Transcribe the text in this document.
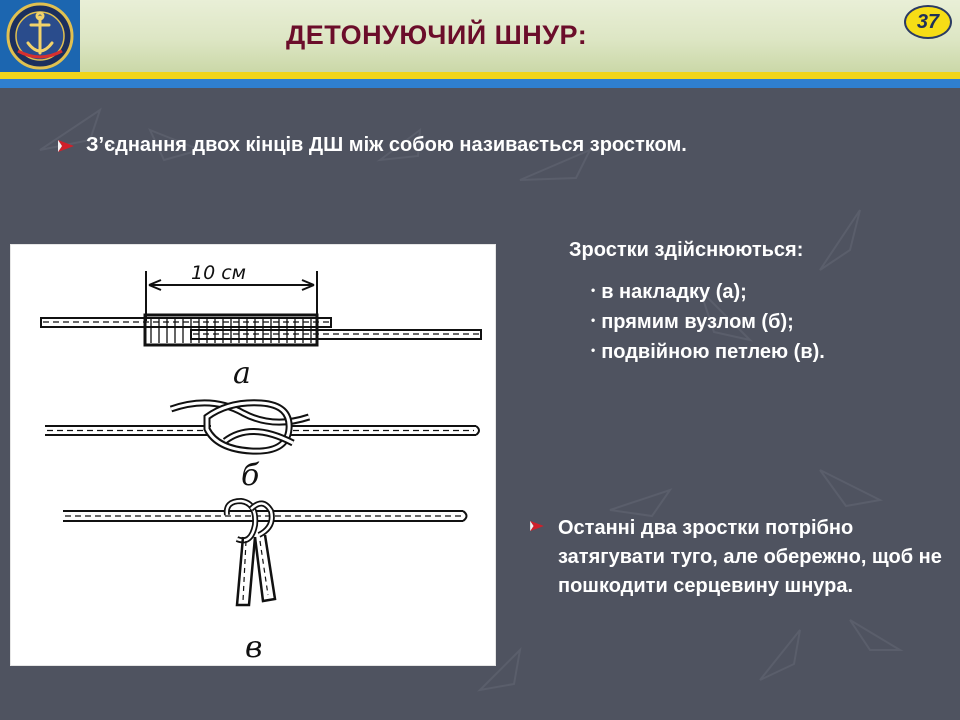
ДЕТОНУЮЧИЙ ШНУР:	37
З’єднання двох кінців ДШ між собою називається зростком.
Зростки здійснюються:
• в накладку (а);
• прямим вузлом (б);
• подвійною петлею (в).
Останні два зростки потрібно затягувати туго, але обережно, щоб не пошкодити серцевину шнура.
10 см
а
б
в
